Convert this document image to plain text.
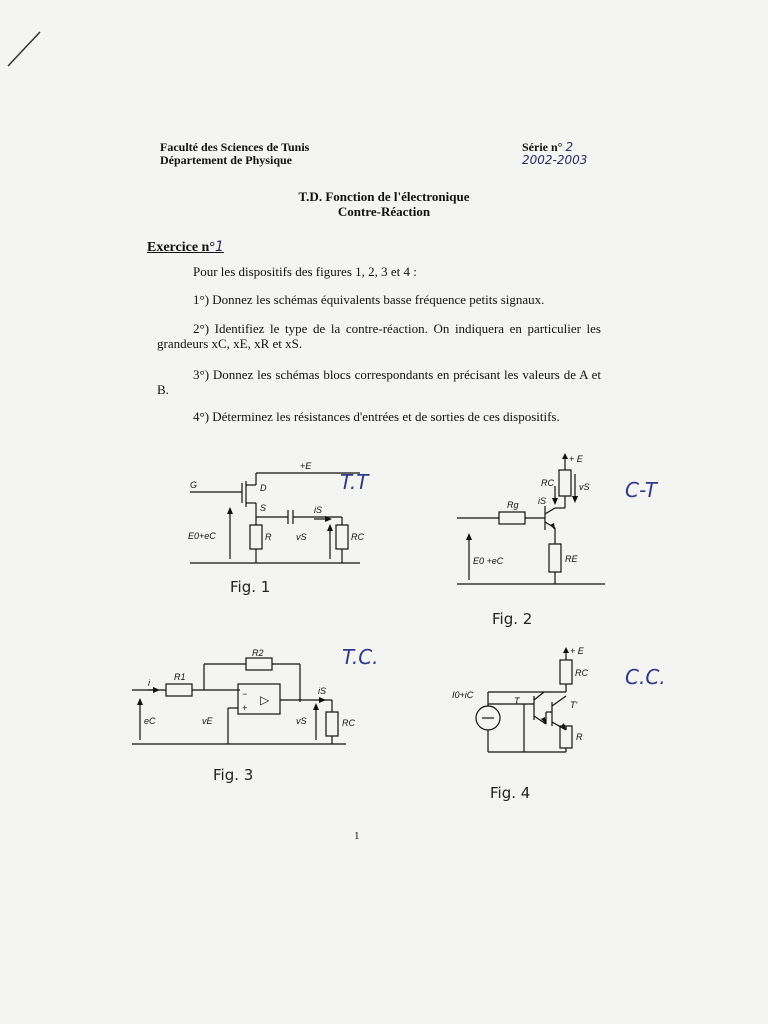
Faculté des Sciences de Tunis
Département de Physique
Série n° 2
2002-2003
T.D. Fonction de l'électronique
Contre-Réaction
Exercice n°1
Pour les dispositifs des figures 1, 2, 3 et 4 :
1°) Donnez les schémas équivalents basse fréquence petits signaux.
2°) Identifiez le type de la contre-réaction. On indiquera en particulier les grandeurs xC, xE, xR et xS.
3°) Donnez les schémas blocs correspondants en précisant les valeurs de A et B.
4°) Déterminez les résistances d'entrées et de sorties de ces dispositifs.
G	D
S
+E
iS
E0+eC	R	vS	RC
T.T
Fig. 1
+ E
RC	vS
iS
Rg
E0 +eC	RE
C-T
Fig. 2
R2
R1
i
iS
eC	vE	vS	RC
−
+
▷
T.C.
Fig. 3
+ E
RC
I0+iC
T	T'
R
C.C.
Fig. 4
1
